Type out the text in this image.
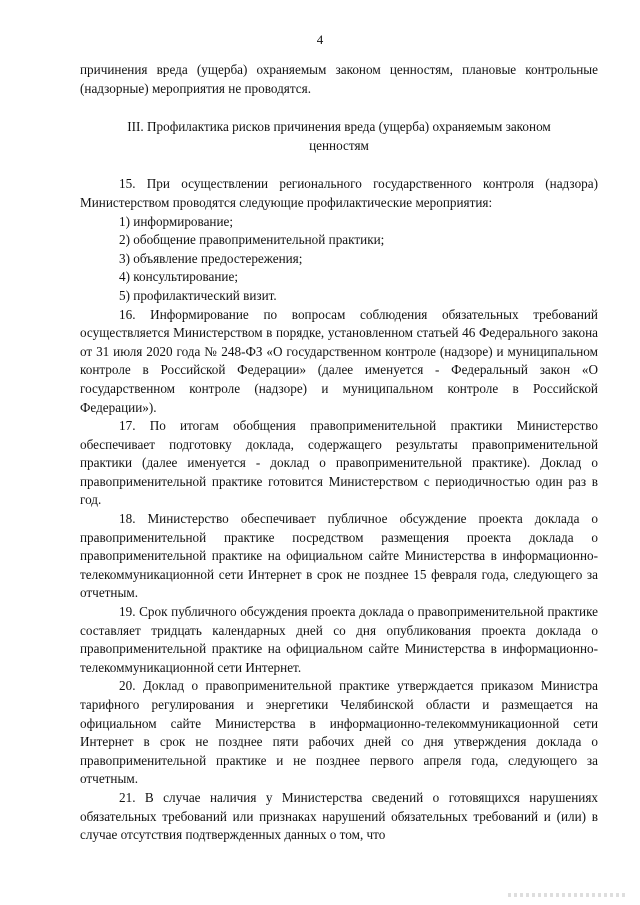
4

причинения вреда (ущерба) охраняемым законом ценностям, плановые контрольные (надзорные) мероприятия не проводятся.

III. Профилактика рисков причинения вреда (ущерба) охраняемым законом ценностям

15. При осуществлении регионального государственного контроля (надзора) Министерством проводятся следующие профилактические мероприятия:

1) информирование;

2) обобщение правоприменительной практики;

3) объявление предостережения;

4) консультирование;

5) профилактический визит.

16. Информирование по вопросам соблюдения обязательных требований осуществляется Министерством в порядке, установленном статьей 46 Федерального закона от 31 июля 2020 года № 248-ФЗ «О государственном контроле (надзоре) и муниципальном контроле в Российской Федерации» (далее именуется - Федеральный закон «О государственном контроле (надзоре) и муниципальном контроле в Российской Федерации»).

17. По итогам обобщения правоприменительной практики Министерство обеспечивает подготовку доклада, содержащего результаты правоприменительной практики (далее именуется - доклад о правоприменительной практике). Доклад о правоприменительной практике готовится Министерством с периодичностью один раз в год.

18. Министерство обеспечивает публичное обсуждение проекта доклада о правоприменительной практике посредством размещения проекта доклада о правоприменительной практике на официальном сайте Министерства в информационно-телекоммуникационной сети Интернет в срок не позднее 15 февраля года, следующего за отчетным.

19. Срок публичного обсуждения проекта доклада о правоприменительной практике составляет тридцать календарных дней со дня опубликования проекта доклада о правоприменительной практике на официальном сайте Министерства в информационно-телекоммуникационной сети Интернет.

20. Доклад о правоприменительной практике утверждается приказом Министра тарифного регулирования и энергетики Челябинской области и размещается на официальном сайте Министерства в информационно-телекоммуникационной сети Интернет в срок не позднее пяти рабочих дней со дня утверждения доклада о правоприменительной практике и не позднее первого апреля года, следующего за отчетным.

21. В случае наличия у Министерства сведений о готовящихся нарушениях обязательных требований или признаках нарушений обязательных требований и (или) в случае отсутствия подтвержденных данных о том, что
